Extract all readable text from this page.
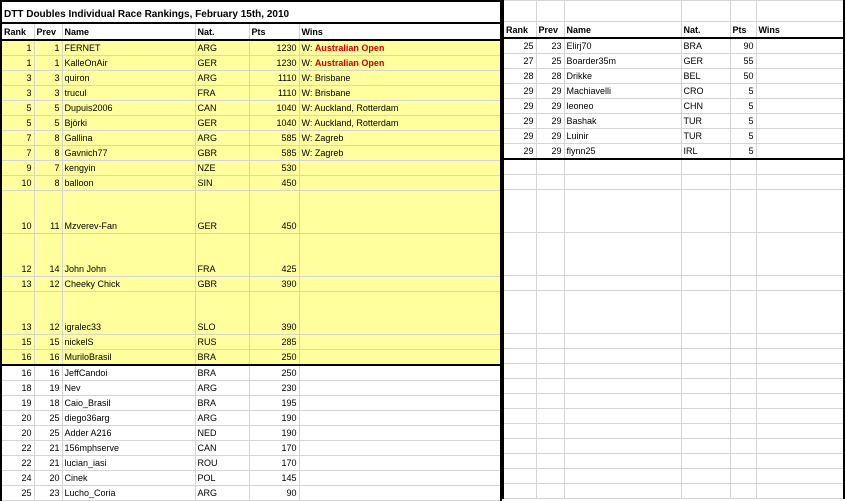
DTT Doubles Individual Race Rankings, February 15th, 2010					
Rank	Prev	Name	Nat.	Pts	Wins
1	1	FERNET	ARG	1230	W: Australian Open
1	1	KalleOnAir	GER	1230	W: Australian Open
3	3	quiron	ARG	1110	W: Brisbane
3	3	trucul	FRA	1110	W: Brisbane
5	5	Dupuis2006	CAN	1040	W: Auckland, Rotterdam
5	5	Björki	GER	1040	W: Auckland, Rotterdam
7	8	Gallina	ARG	585	W: Zagreb
7	8	Gavnich77	GBR	585	W: Zagreb
9	7	kengyin	NZE	530	
10	8	balloon	SIN	450	
10	11	Mzverev-Fan	GER	450	
12	14	John John	FRA	425	
13	12	Cheeky Chick	GBR	390	
13	12	igralec33	SLO	390	
15	15	nickelS	RUS	285	
16	16	MuriloBrasil	BRA	250	
16	16	JeffCandoi	BRA	250	
18	19	Nev	ARG	230	
19	18	Caio_Brasil	BRA	195	
20	25	diego36arg	ARG	190	
20	25	Adder A216	NED	190	
22	21	156mphserve	CAN	170	
22	21	lucian_iasi	ROU	170	
24	20	Cinek	POL	145	
25	23	Lucho_Coria	ARG	90	

Rank	Prev	Name	Nat.	Pts	Wins
25	23	Elirj70	BRA	90	
27	25	Boarder35m	GER	55	
28	28	Drikke	BEL	50	
29	29	Machiavelli	CRO	5	
29	29	leoneo	CHN	5	
29	29	Bashak	TUR	5	
29	29	Luinir	TUR	5	
29	29	flynn25	IRL	5	
